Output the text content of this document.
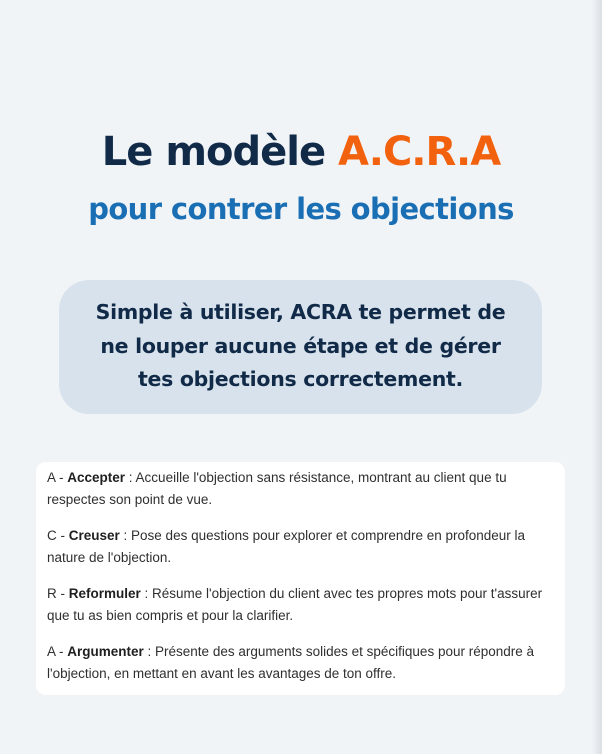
Le modèle A.C.R.A
pour contrer les objections
Simple à utiliser, ACRA te permet de
ne louper aucune étape et de gérer
tes objections correctement.
A - Accepter : Accueille l'objection sans résistance, montrant au client que tu
respectes son point de vue.
C - Creuser : Pose des questions pour explorer et comprendre en profondeur la
nature de l'objection.
R - Reformuler : Résume l'objection du client avec tes propres mots pour t'assurer
que tu as bien compris et pour la clarifier.
A - Argumenter : Présente des arguments solides et spécifiques pour répondre à
l'objection, en mettant en avant les avantages de ton offre.
